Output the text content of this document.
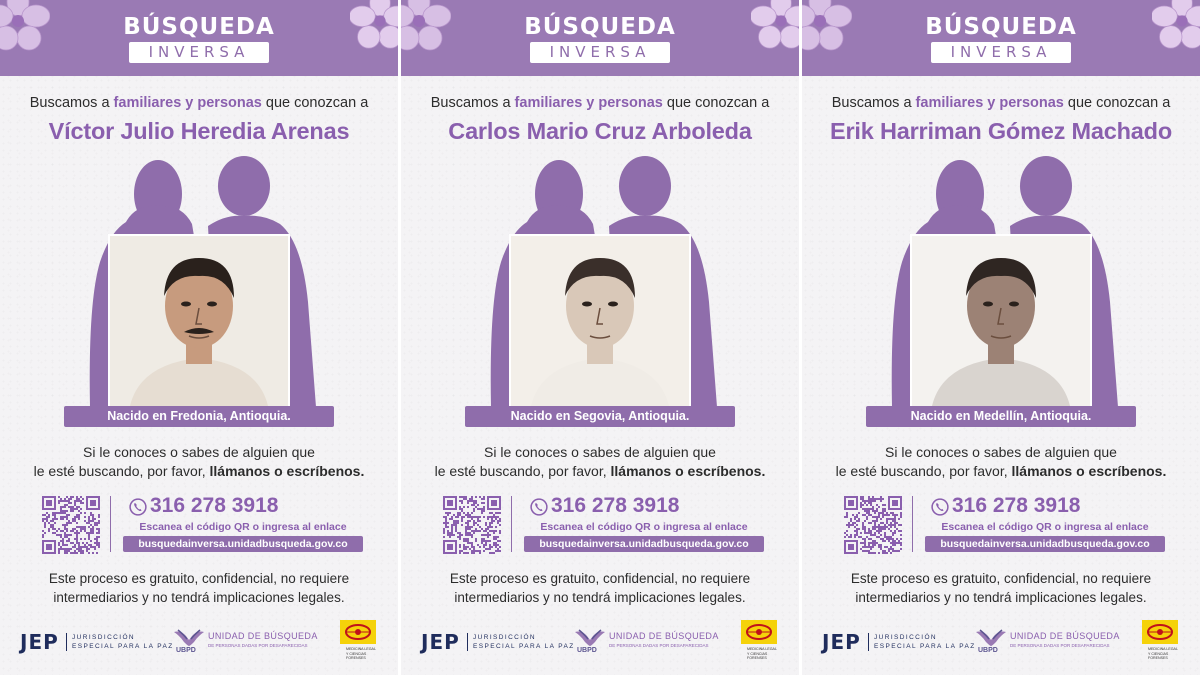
BÚSQUEDA
INVERSA
Buscamos a familiares y personas que conozcan a
Víctor Julio Heredia Arenas
Nacido en Fredonia, Antioquia.
Si le conoces o sabes de alguien que
le esté buscando, por favor, llámanos o escríbenos.
316 278 3918
Escanea el código QR o ingresa al enlace
busquedainversa.unidadbusqueda.gov.co
Este proceso es gratuito, confidencial, no requiere
intermediarios y no tendrá implicaciones legales.
JEP JURISDICCIÓN
ESPECIAL PARA LA PAZ
UBPD
UNIDAD DE BÚSQUEDA
DE PERSONAS DADAS POR DESAPARECIDAS
MEDICINA LEGAL Y CIENCIAS FORENSES
BÚSQUEDA
INVERSA
Buscamos a familiares y personas que conozcan a
Carlos Mario Cruz Arboleda
Nacido en Segovia, Antioquia.
Si le conoces o sabes de alguien que
le esté buscando, por favor, llámanos o escríbenos.
316 278 3918
Escanea el código QR o ingresa al enlace
busquedainversa.unidadbusqueda.gov.co
Este proceso es gratuito, confidencial, no requiere
intermediarios y no tendrá implicaciones legales.
JEP JURISDICCIÓN
ESPECIAL PARA LA PAZ
UBPD
UNIDAD DE BÚSQUEDA
DE PERSONAS DADAS POR DESAPARECIDAS
MEDICINA LEGAL Y CIENCIAS FORENSES
BÚSQUEDA
INVERSA
Buscamos a familiares y personas que conozcan a
Erik Harriman Gómez Machado
Nacido en Medellín, Antioquia.
Si le conoces o sabes de alguien que
le esté buscando, por favor, llámanos o escríbenos.
316 278 3918
Escanea el código QR o ingresa al enlace
busquedainversa.unidadbusqueda.gov.co
Este proceso es gratuito, confidencial, no requiere
intermediarios y no tendrá implicaciones legales.
JEP JURISDICCIÓN
ESPECIAL PARA LA PAZ
UBPD
UNIDAD DE BÚSQUEDA
DE PERSONAS DADAS POR DESAPARECIDAS
MEDICINA LEGAL Y CIENCIAS FORENSES
